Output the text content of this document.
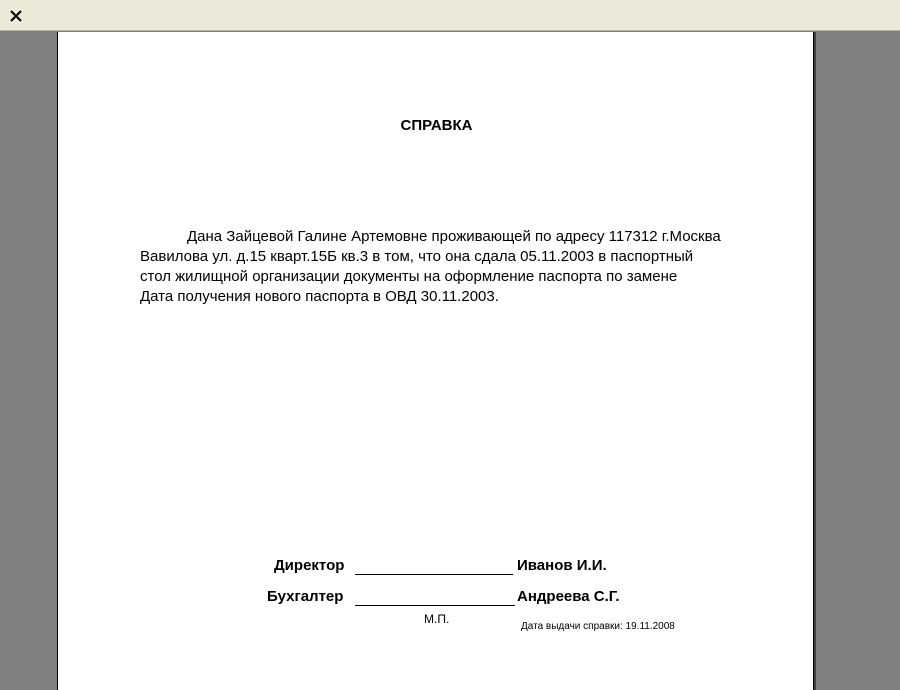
СПРАВКА
Дана Зайцевой Галине Артемовне проживающей по адресу 117312 г.Москва
Вавилова ул. д.15 кварт.15Б кв.3 в том, что она сдала 05.11.2003 в паспортный
стол жилищной организации документы на оформление паспорта по замене
Дата получения нового паспорта в ОВД 30.11.2003.
Директор	Иванов И.И.
Бухгалтер	Андреева С.Г.
М.П.
Дата выдачи справки: 19.11.2008
